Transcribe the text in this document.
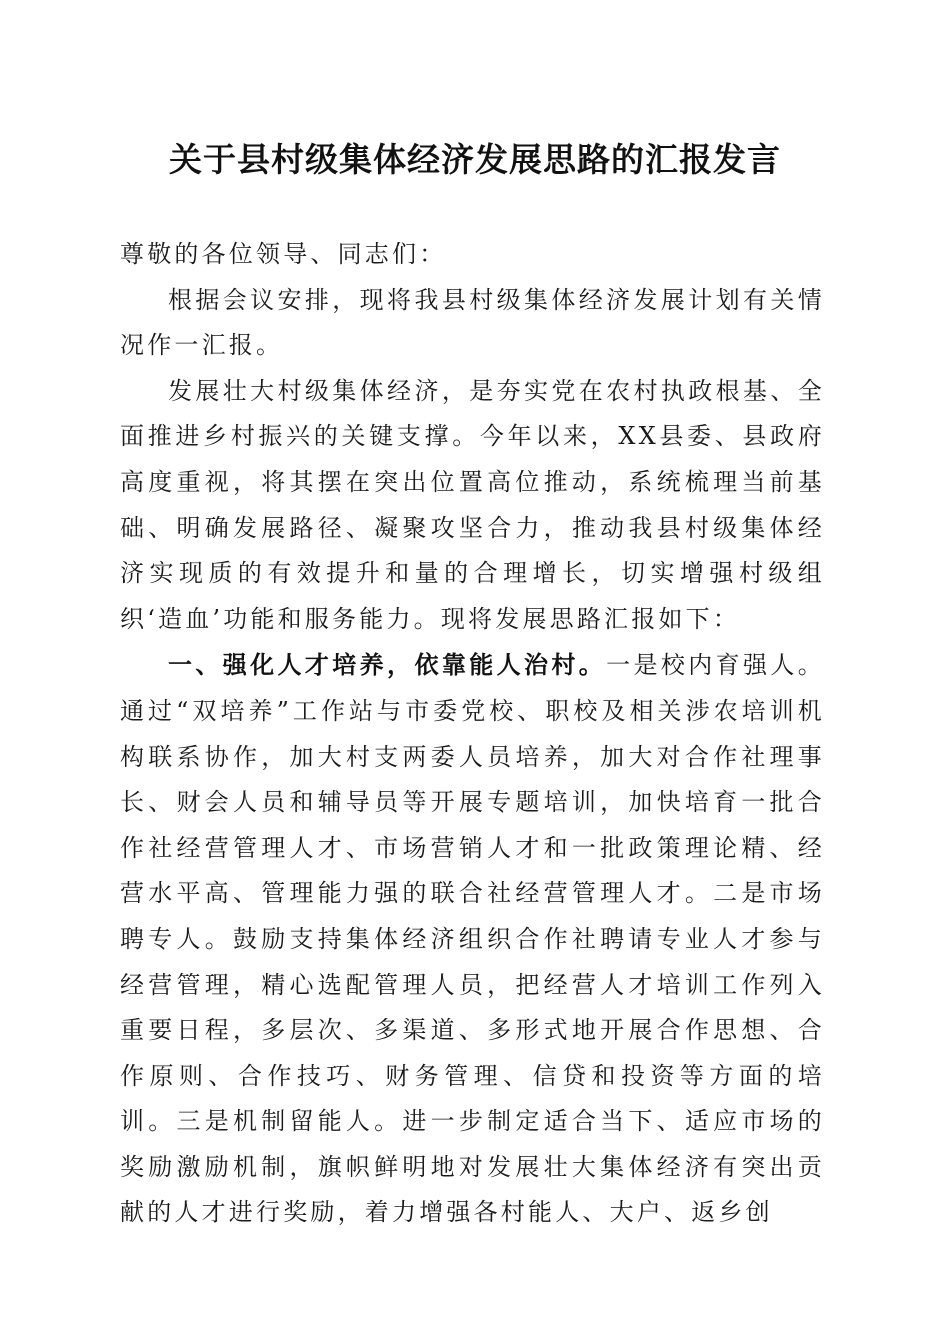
关于县村级集体经济发展思路的汇报发言

尊敬的各位领导、同志们：

根据会议安排，现将我县村级集体经济发展计划有关情况作一汇报。

发展壮大村级集体经济，是夯实党在农村执政根基、全面推进乡村振兴的关键支撑。今年以来，XX县委、县政府高度重视，将其摆在突出位置高位推动，系统梳理当前基础、明确发展路径、凝聚攻坚合力，推动我县村级集体经济实现质的有效提升和量的合理增长，切实增强村级组织‘造血’功能和服务能力。现将发展思路汇报如下：

一、强化人才培养，依靠能人治村。一是校内育强人。通过“双培养”工作站与市委党校、职校及相关涉农培训机构联系协作，加大村支两委人员培养，加大对合作社理事长、财会人员和辅导员等开展专题培训，加快培育一批合作社经营管理人才、市场营销人才和一批政策理论精、经营水平高、管理能力强的联合社经营管理人才。二是市场聘专人。鼓励支持集体经济组织合作社聘请专业人才参与经营管理，精心选配管理人员，把经营人才培训工作列入重要日程，多层次、多渠道、多形式地开展合作思想、合作原则、合作技巧、财务管理、信贷和投资等方面的培训。三是机制留能人。进一步制定适合当下、适应市场的奖励激励机制，旗帜鲜明地对发展壮大集体经济有突出贡献的人才进行奖励，着力增强各村能人、大户、返乡创
